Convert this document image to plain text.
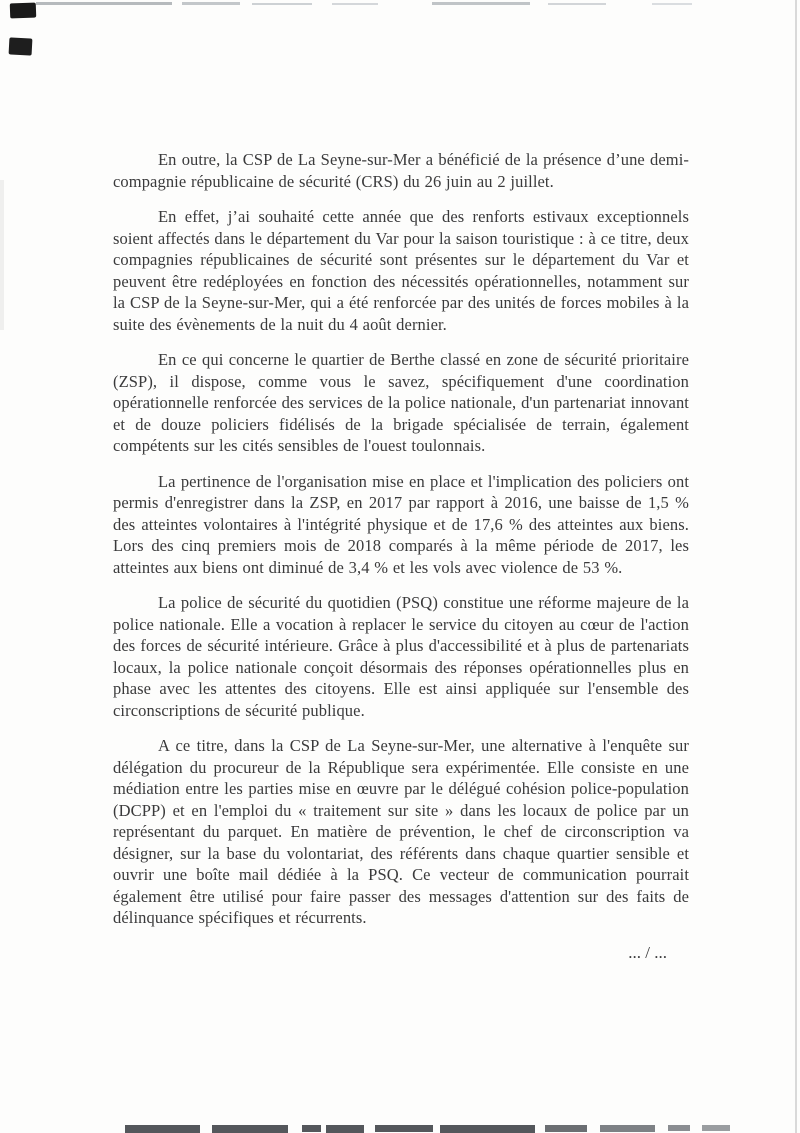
En outre, la CSP de La Seyne-sur-Mer a bénéficié de la présence d’une demi-compagnie républicaine de sécurité (CRS) du 26 juin au 2 juillet.

En effet, j’ai souhaité cette année que des renforts estivaux exceptionnels soient affectés dans le département du Var pour la saison touristique : à ce titre, deux compagnies républicaines de sécurité sont présentes sur le département du Var et peuvent être redéployées en fonction des nécessités opérationnelles, notamment sur la CSP de la Seyne-sur-Mer, qui a été renforcée par des unités de forces mobiles à la suite des évènements de la nuit du 4 août dernier.

En ce qui concerne le quartier de Berthe classé en zone de sécurité prioritaire (ZSP), il dispose, comme vous le savez, spécifiquement d'une coordination opérationnelle renforcée des services de la police nationale, d'un partenariat innovant et de douze policiers fidélisés de la brigade spécialisée de terrain, également compétents sur les cités sensibles de l'ouest toulonnais.

La pertinence de l'organisation mise en place et l'implication des policiers ont permis d'enregistrer dans la ZSP, en 2017 par rapport à 2016, une baisse de 1,5 % des atteintes volontaires à l'intégrité physique et de 17,6 % des atteintes aux biens. Lors des cinq premiers mois de 2018 comparés à la même période de 2017, les atteintes aux biens ont diminué de 3,4 % et les vols avec violence de 53 %.

La police de sécurité du quotidien (PSQ) constitue une réforme majeure de la police nationale. Elle a vocation à replacer le service du citoyen au cœur de l'action des forces de sécurité intérieure. Grâce à plus d'accessibilité et à plus de partenariats locaux, la police nationale conçoit désormais des réponses opérationnelles plus en phase avec les attentes des citoyens. Elle est ainsi appliquée sur l'ensemble des circonscriptions de sécurité publique.

A ce titre, dans la CSP de La Seyne-sur-Mer, une alternative à l'enquête sur délégation du procureur de la République sera expérimentée. Elle consiste en une médiation entre les parties mise en œuvre par le délégué cohésion police-population (DCPP) et en l'emploi du « traitement sur site » dans les locaux de police par un représentant du parquet. En matière de prévention, le chef de circonscription va désigner, sur la base du volontariat, des référents dans chaque quartier sensible et ouvrir une boîte mail dédiée à la PSQ. Ce vecteur de communication pourrait également être utilisé pour faire passer des messages d'attention sur des faits de délinquance spécifiques et récurrents.

... / ...
